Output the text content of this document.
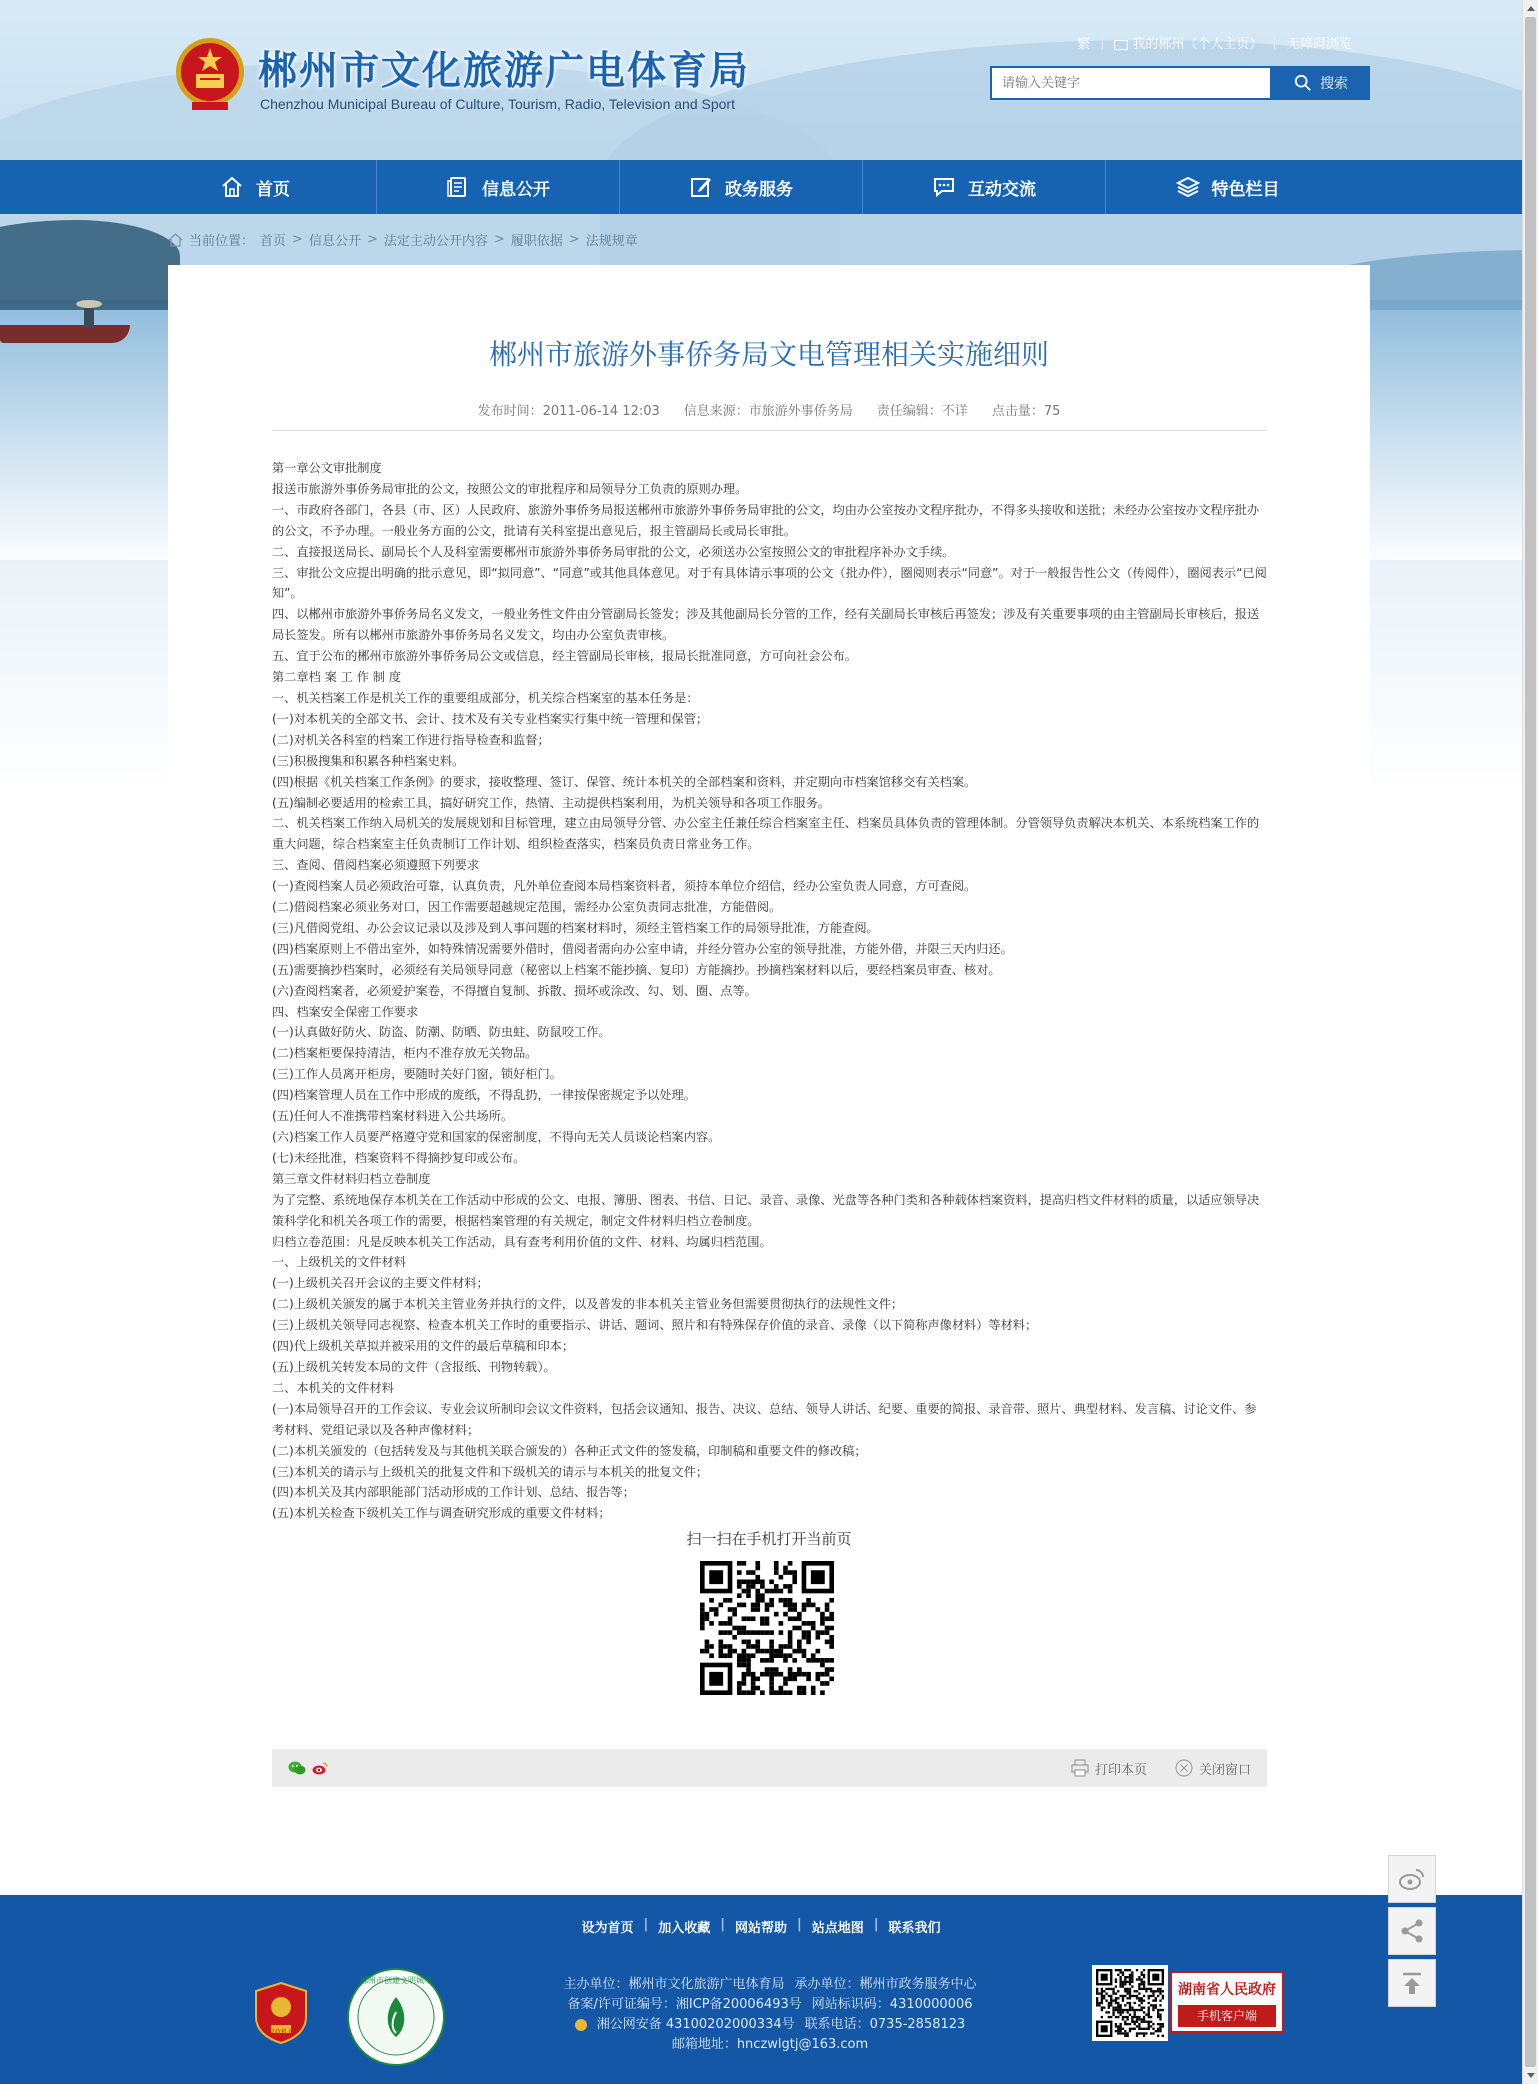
郴州市文化旅游广电体育局
Chenzhou Municipal Bureau of Culture, Tourism, Radio, Television and Sport
繁 |	我的郴州（个人主页） | 无障碍浏览
请输入关键字
搜索
首页	信息公开	政务服务	互动交流	特色栏目
当前位置： 首页 > 信息公开 > 法定主动公开内容 > 履职依据 > 法规规章
郴州市旅游外事侨务局文电管理相关实施细则
发布时间：2011-06-14 12:03 信息来源：市旅游外事侨务局 责任编辑：不详 点击量：75

第一章公文审批制度

报送市旅游外事侨务局审批的公文，按照公文的审批程序和局领导分工负责的原则办理。

一、市政府各部门，各县（市、区）人民政府、旅游外事侨务局报送郴州市旅游外事侨务局审批的公文，均由办公室按办文程序批办，不得多头接收和送批；未经办公室按办文程序批办的公文，不予办理。一般业务方面的公文，批请有关科室提出意见后，报主管副局长或局长审批。

二、直接报送局长、副局长个人及科室需要郴州市旅游外事侨务局审批的公文，必须送办公室按照公文的审批程序补办文手续。

三、审批公文应提出明确的批示意见，即“拟同意”、“同意”或其他具体意见。对于有具体请示事项的公文（批办件），圈阅则表示“同意”。对于一般报告性公文（传阅件），圈阅表示“已阅知”。

四、以郴州市旅游外事侨务局名义发文，一般业务性文件由分管副局长签发；涉及其他副局长分管的工作，经有关副局长审核后再签发；涉及有关重要事项的由主管副局长审核后，报送局长签发。所有以郴州市旅游外事侨务局名义发文，均由办公室负责审核。

五、宜于公布的郴州市旅游外事侨务局公文或信息，经主管副局长审核，报局长批准同意，方可向社会公布。

第二章档 案 工 作 制 度

一、机关档案工作是机关工作的重要组成部分，机关综合档案室的基本任务是：

(一)对本机关的全部文书、会计、技术及有关专业档案实行集中统一管理和保管；

(二)对机关各科室的档案工作进行指导检查和监督；

(三)积极搜集和积累各种档案史料。

(四)根据《机关档案工作条例》的要求，接收整理、签订、保管、统计本机关的全部档案和资料，并定期向市档案馆移交有关档案。

(五)编制必要适用的检索工具，搞好研究工作，热情、主动提供档案利用，为机关领导和各项工作服务。

二、机关档案工作纳入局机关的发展规划和目标管理，建立由局领导分管、办公室主任兼任综合档案室主任、档案员具体负责的管理体制。分管领导负责解决本机关、本系统档案工作的重大问题，综合档案室主任负责制订工作计划、组织检查落实，档案员负责日常业务工作。

三、查阅、借阅档案必须遵照下列要求

(一)查阅档案人员必须政治可靠，认真负责，凡外单位查阅本局档案资料者，须持本单位介绍信，经办公室负责人同意，方可查阅。

(二)借阅档案必须业务对口，因工作需要超越规定范围，需经办公室负责同志批准，方能借阅。

(三)凡借阅党组、办公会议记录以及涉及到人事问题的档案材料时，须经主管档案工作的局领导批准，方能查阅。

(四)档案原则上不借出室外，如特殊情况需要外借时，借阅者需向办公室申请，并经分管办公室的领导批准，方能外借，并限三天内归还。

(五)需要摘抄档案时，必须经有关局领导同意（秘密以上档案不能抄摘、复印）方能摘抄。抄摘档案材料以后，要经档案员审查、核对。

(六)查阅档案者，必须爱护案卷，不得擅自复制、拆散、损坏或涂改、勾、划、圈、点等。

四、档案安全保密工作要求

(一)认真做好防火、防盗、防潮、防晒、防虫蛀、防鼠咬工作。

(二)档案柜要保持清洁，柜内不准存放无关物品。

(三)工作人员离开柜房，要随时关好门窗，锁好柜门。

(四)档案管理人员在工作中形成的废纸，不得乱扔，一律按保密规定予以处理。

(五)任何人不准携带档案材料进入公共场所。

(六)档案工作人员要严格遵守党和国家的保密制度，不得向无关人员谈论档案内容。

(七)未经批准，档案资料不得摘抄复印或公布。

第三章文件材料归档立卷制度

为了完整、系统地保存本机关在工作活动中形成的公文、电报、簿册、图表、书信、日记、录音、录像、光盘等各种门类和各种载体档案资料，提高归档文件材料的质量，以适应领导决策科学化和机关各项工作的需要，根据档案管理的有关规定，制定文件材料归档立卷制度。

归档立卷范围：凡是反映本机关工作活动，具有查考利用价值的文件、材料、均属归档范围。

一、上级机关的文件材料

(一)上级机关召开会议的主要文件材料；

(二)上级机关颁发的属于本机关主管业务并执行的文件，以及普发的非本机关主管业务但需要贯彻执行的法规性文件；

(三)上级机关领导同志视察、检查本机关工作时的重要指示、讲话、题词、照片和有特殊保存价值的录音、录像（以下简称声像材料）等材料；

(四)代上级机关草拟并被采用的文件的最后草稿和印本；

(五)上级机关转发本局的文件（含报纸、刊物转载）。

二、本机关的文件材料

(一)本局领导召开的工作会议、专业会议所制印会议文件资料，包括会议通知、报告、决议、总结、领导人讲话、纪要、重要的简报、录音带、照片、典型材料、发言稿、讨论文件、参考材料、党组记录以及各种声像材料；

(二)本机关颁发的（包括转发及与其他机关联合颁发的）各种正式文件的签发稿，印制稿和重要文件的修改稿；

(三)本机关的请示与上级机关的批复文件和下级机关的请示与本机关的批复文件；

(四)本机关及其内部职能部门活动形成的工作计划、总结、报告等；

(五)本机关检查下级机关工作与调查研究形成的重要文件材料；

扫一扫在手机打开当前页
打印本页	关闭窗口
设为首页 | 加入收藏 | 网站帮助 | 站点地图 | 联系我们
党政机关
郴州市创建文明城市	主办单位：郴州市文化旅游广电体育局 承办单位：郴州市政务服务中心
备案/许可证编号：湘ICP备20006493号 网站标识码：4310000006
湘公网安备 43100202000334号 联系电话：0735-2858123
邮箱地址：hnczwlgtj@163.com
湖南省人民政府
手机客户端
